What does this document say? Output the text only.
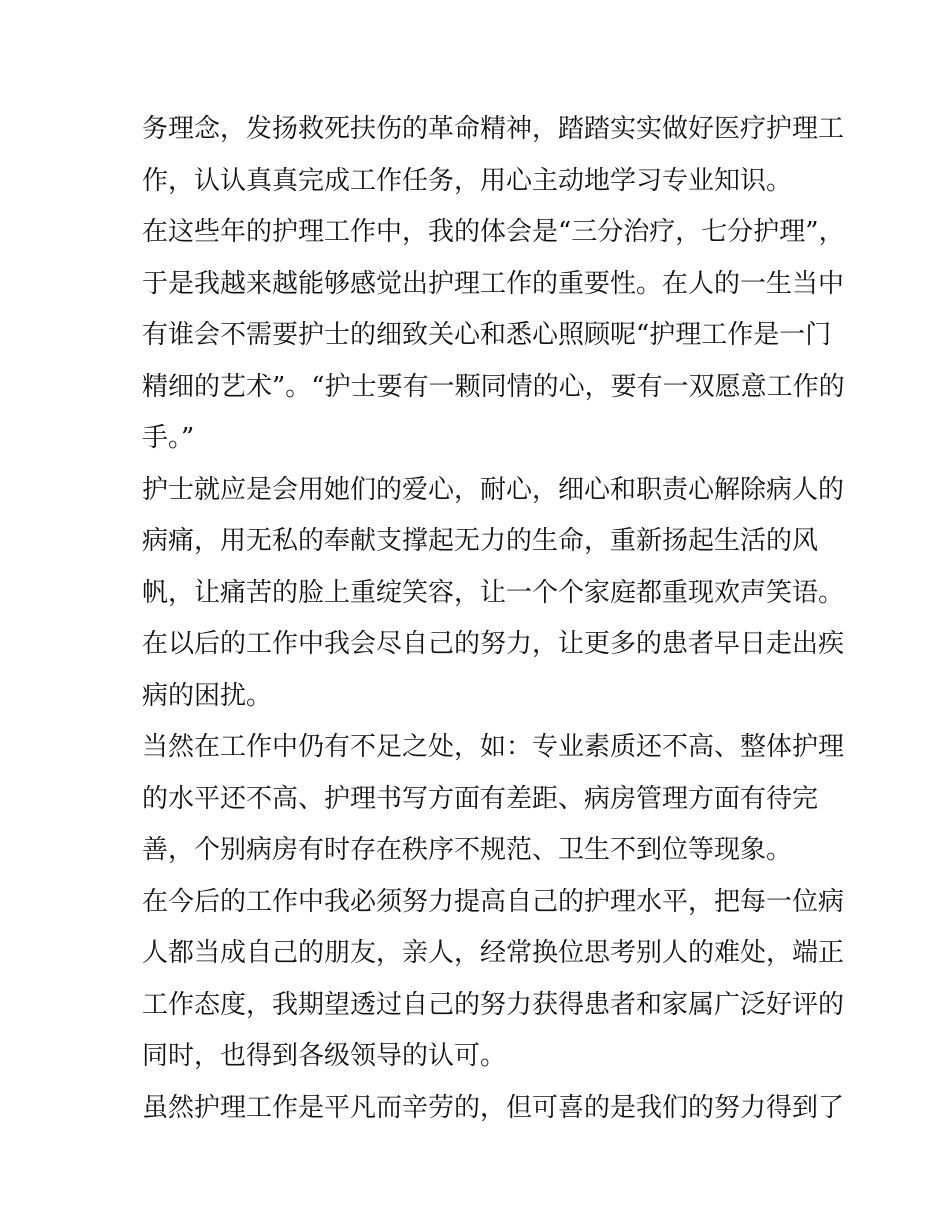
务理念，发扬救死扶伤的革命精神，踏踏实实做好医疗护理工
作，认认真真完成工作任务，用心主动地学习专业知识。
在这些年的护理工作中，我的体会是“三分治疗，七分护理”，
于是我越来越能够感觉出护理工作的重要性。在人的一生当中
有谁会不需要护士的细致关心和悉心照顾呢“护理工作是一门
精细的艺术”。“护士要有一颗同情的心，要有一双愿意工作的
手。”
护士就应是会用她们的爱心，耐心，细心和职责心解除病人的
病痛，用无私的奉献支撑起无力的生命，重新扬起生活的风
帆，让痛苦的脸上重绽笑容，让一个个家庭都重现欢声笑语。
在以后的工作中我会尽自己的努力，让更多的患者早日走出疾
病的困扰。
当然在工作中仍有不足之处，如：专业素质还不高、整体护理
的水平还不高、护理书写方面有差距、病房管理方面有待完
善，个别病房有时存在秩序不规范、卫生不到位等现象。
在今后的工作中我必须努力提高自己的护理水平，把每一位病
人都当成自己的朋友，亲人，经常换位思考别人的难处，端正
工作态度，我期望透过自己的努力获得患者和家属广泛好评的
同时，也得到各级领导的认可。
虽然护理工作是平凡而辛劳的，但可喜的是我们的努力得到了
